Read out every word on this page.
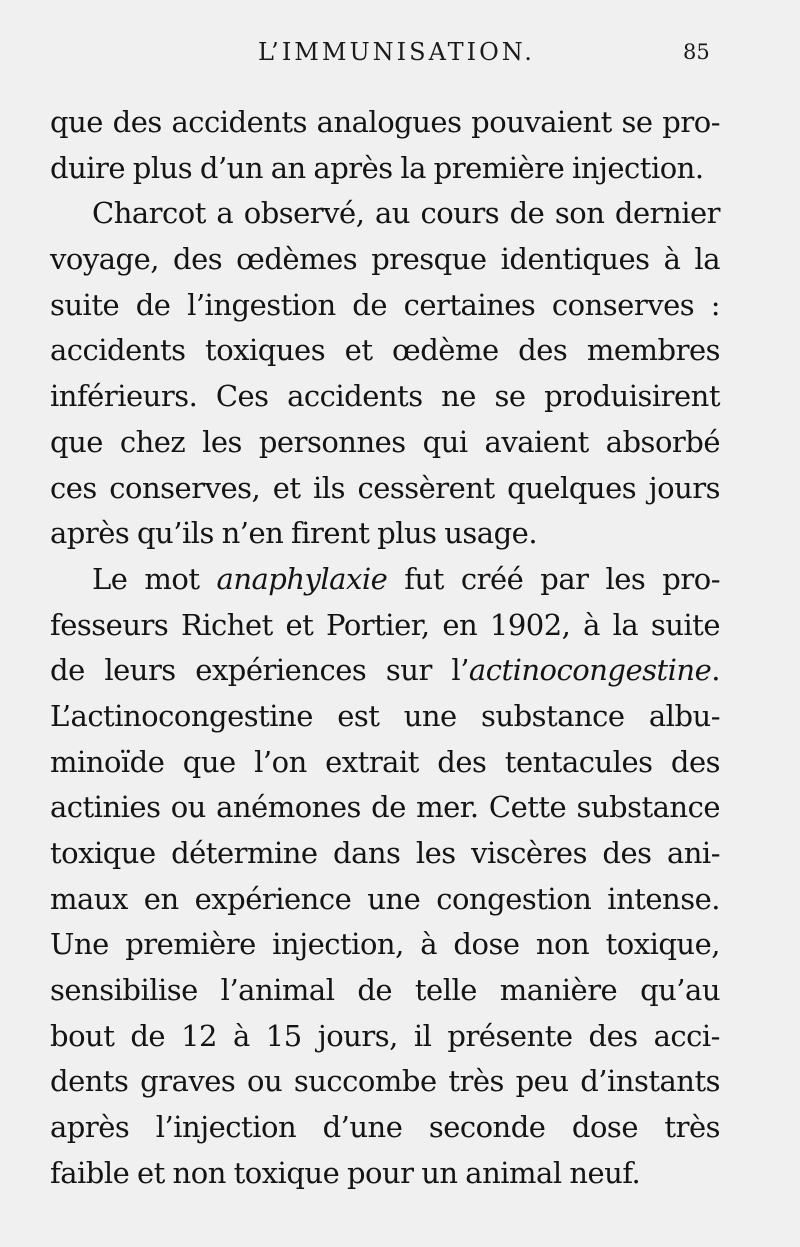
L’IMMUNISATION.	85
que des accidents analogues pouvaient se pro-
duire plus d’un an après la première injection.
Charcot a observé, au cours de son dernier
voyage, des œdèmes presque identiques à la
suite de l’ingestion de certaines conserves :
accidents toxiques et œdème des membres
inférieurs. Ces accidents ne se produisirent
que chez les personnes qui avaient absorbé
ces conserves, et ils cessèrent quelques jours
après qu’ils n’en firent plus usage.
Le mot anaphylaxie fut créé par les pro-
fesseurs Richet et Portier, en 1902, à la suite
de leurs expériences sur l’actinocongestine.
L’actinocongestine est une substance albu-
minoïde que l’on extrait des tentacules des
actinies ou anémones de mer. Cette substance
toxique détermine dans les viscères des ani-
maux en expérience une congestion intense.
Une première injection, à dose non toxique,
sensibilise l’animal de telle manière qu’au
bout de 12 à 15 jours, il présente des acci-
dents graves ou succombe très peu d’instants
après l’injection d’une seconde dose très
faible et non toxique pour un animal neuf.
